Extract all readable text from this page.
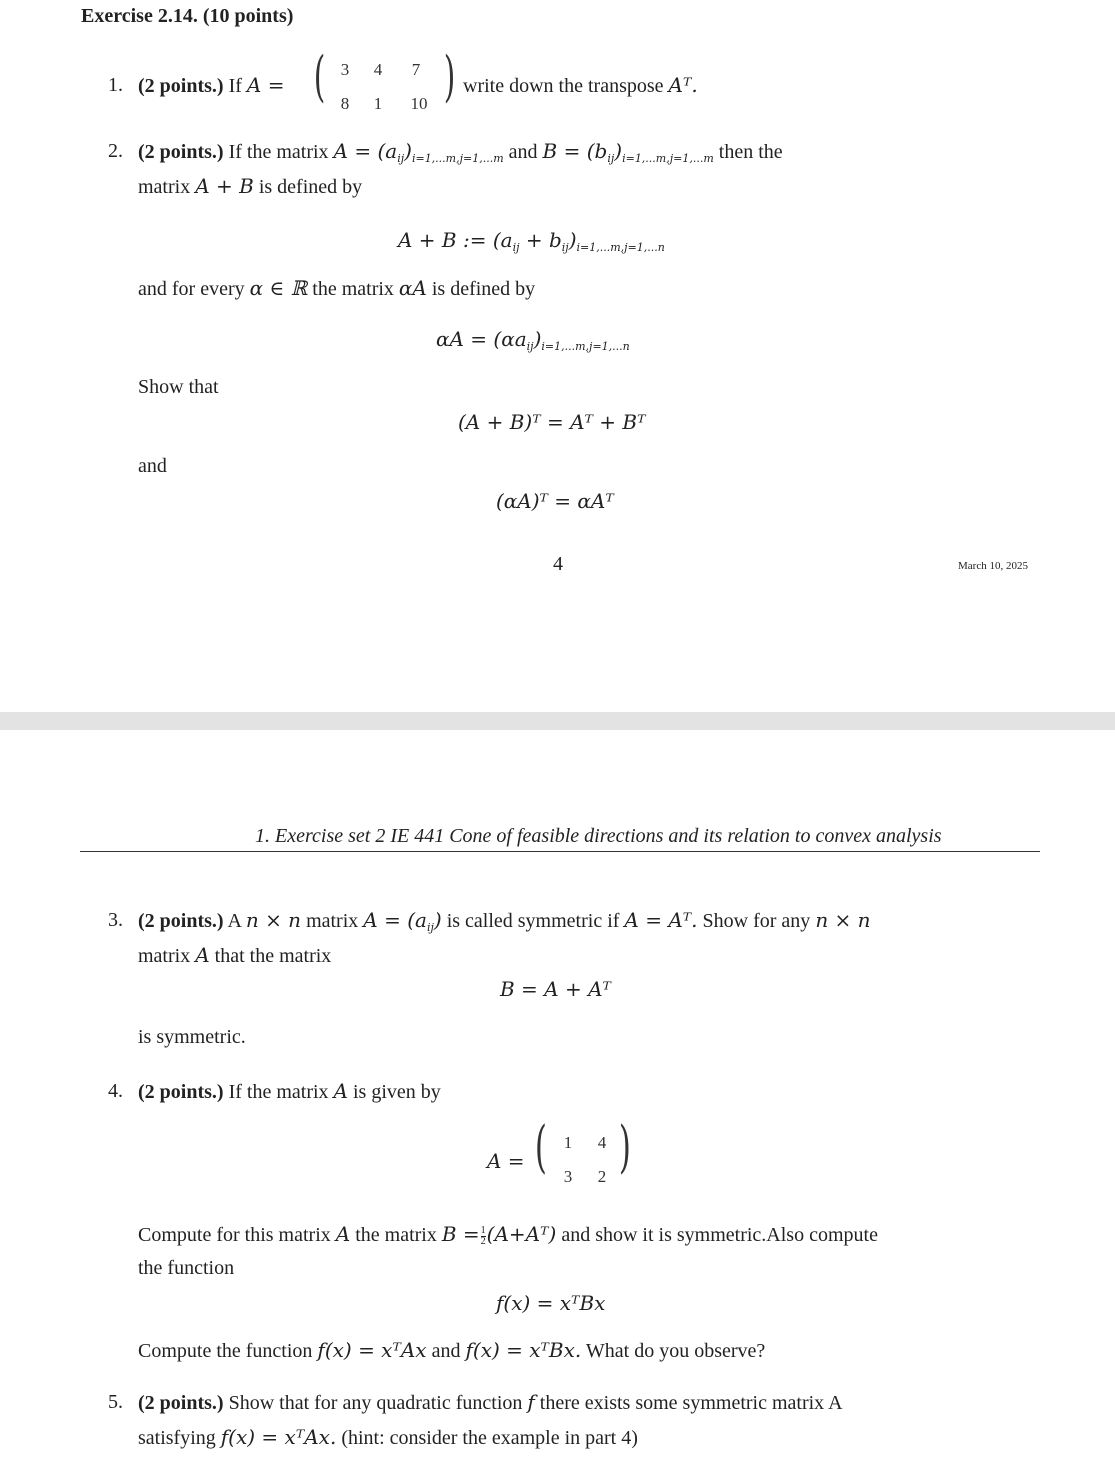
Exercise 2.14. (10 points)
1. (2 points.) If A = ( 3	4	7
8	1	10 ) write down the transpose Aᵀ.
2. (2 points.) If the matrix $A = (a_{ij})_{i=1,...m,j=1,...m}$ and $B = (b_{ij})_{i=1,...m,j=1,...m}$ then the
matrix A + B is defined by
A + B := $(a_{ij} + b_{ij})_{i=1,...m,j=1,...n}$
and for every α ∈ ℝ the matrix αA is defined by
$\alpha A = (\alpha a_{ij})_{i=1,...m,j=1,...n}$
Show that
(A + B)ᵀ = Aᵀ + Bᵀ
and
(αA)ᵀ = αAᵀ
4	March 10, 2025
1. Exercise set 2 IE 441 Cone of feasible directions and its relation to convex analysis
3. (2 points.) A n × n matrix $A = (a_{ij})$ is called symmetric if A = Aᵀ. Show for any n × n
matrix A that the matrix
B = A + Aᵀ
is symmetric.
4. (2 points.) If the matrix A is given by
A = ( 1	4
3	2 )
Compute for this matrix A the matrix $B = \frac{1}{2}$ (A+Aᵀ) and show it is symmetric.Also compute
the function
f(x) = xᵀBx
Compute the function f(x) = xᵀAx and f(x) = xᵀBx. What do you observe?
5. (2 points.) Show that for any quadratic function f there exists some symmetric matrix A
satisfying f(x) = xᵀAx. (hint: consider the example in part 4)
